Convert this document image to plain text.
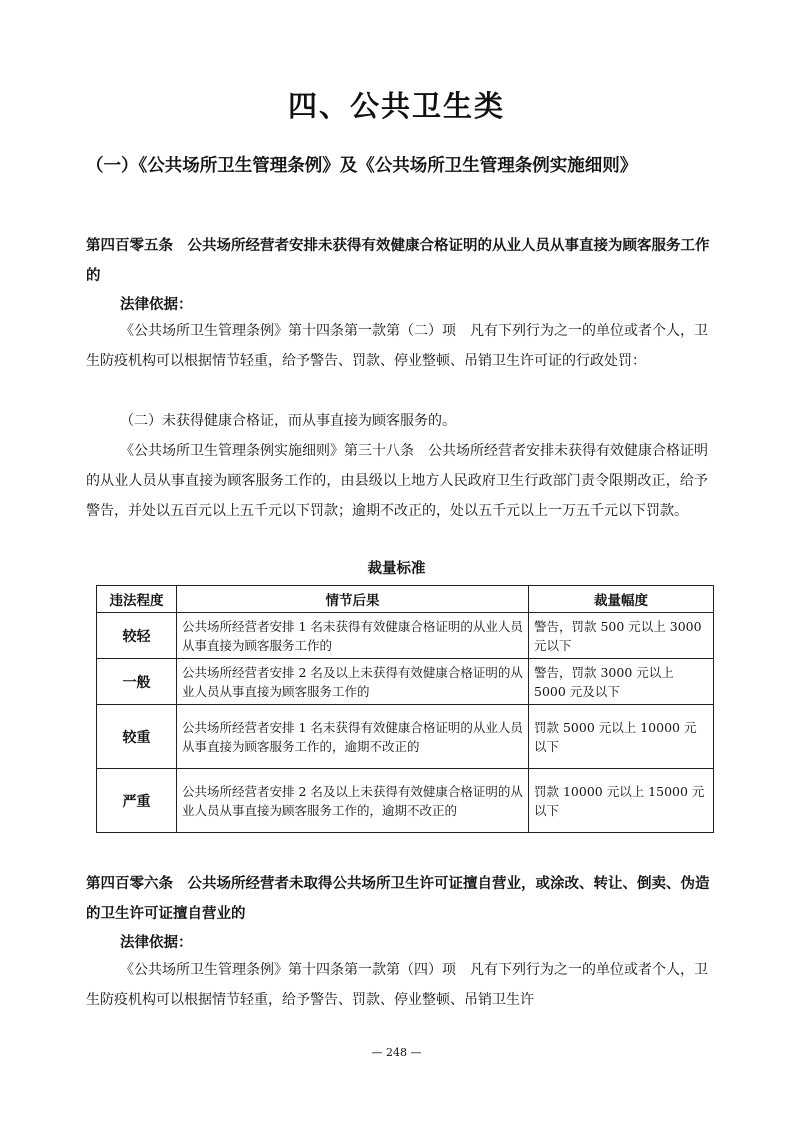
四、公共卫生类
（一）《公共场所卫生管理条例》及《公共场所卫生管理条例实施细则》
第四百零五条　公共场所经营者安排未获得有效健康合格证明的从业人员从事直接为顾客服务工作的
法律依据：
《公共场所卫生管理条例》第十四条第一款第（二）项　凡有下列行为之一的单位或者个人，卫生防疫机构可以根据情节轻重，给予警告、罚款、停业整顿、吊销卫生许可证的行政处罚：
（二）未获得健康合格证，而从事直接为顾客服务的。
《公共场所卫生管理条例实施细则》第三十八条　公共场所经营者安排未获得有效健康合格证明的从业人员从事直接为顾客服务工作的，由县级以上地方人民政府卫生行政部门责令限期改正，给予警告，并处以五百元以上五千元以下罚款；逾期不改正的，处以五千元以上一万五千元以下罚款。
裁量标准
违法程度	情节后果	裁量幅度
较轻	公共场所经营者安排 1 名未获得有效健康合格证明的从业人员从事直接为顾客服务工作的	警告，罚款 500 元以上 3000 元以下
一般	公共场所经营者安排 2 名及以上未获得有效健康合格证明的从业人员从事直接为顾客服务工作的	警告，罚款 3000 元以上 5000 元及以下
较重	公共场所经营者安排 1 名未获得有效健康合格证明的从业人员从事直接为顾客服务工作的，逾期不改正的	罚款 5000 元以上 10000 元以下
严重	公共场所经营者安排 2 名及以上未获得有效健康合格证明的从业人员从事直接为顾客服务工作的，逾期不改正的	罚款 10000 元以上 15000 元以下
第四百零六条　公共场所经营者未取得公共场所卫生许可证擅自营业，或涂改、转让、倒卖、伪造的卫生许可证擅自营业的
法律依据：
《公共场所卫生管理条例》第十四条第一款第（四）项　凡有下列行为之一的单位或者个人，卫生防疫机构可以根据情节轻重，给予警告、罚款、停业整顿、吊销卫生许
— 248 —
